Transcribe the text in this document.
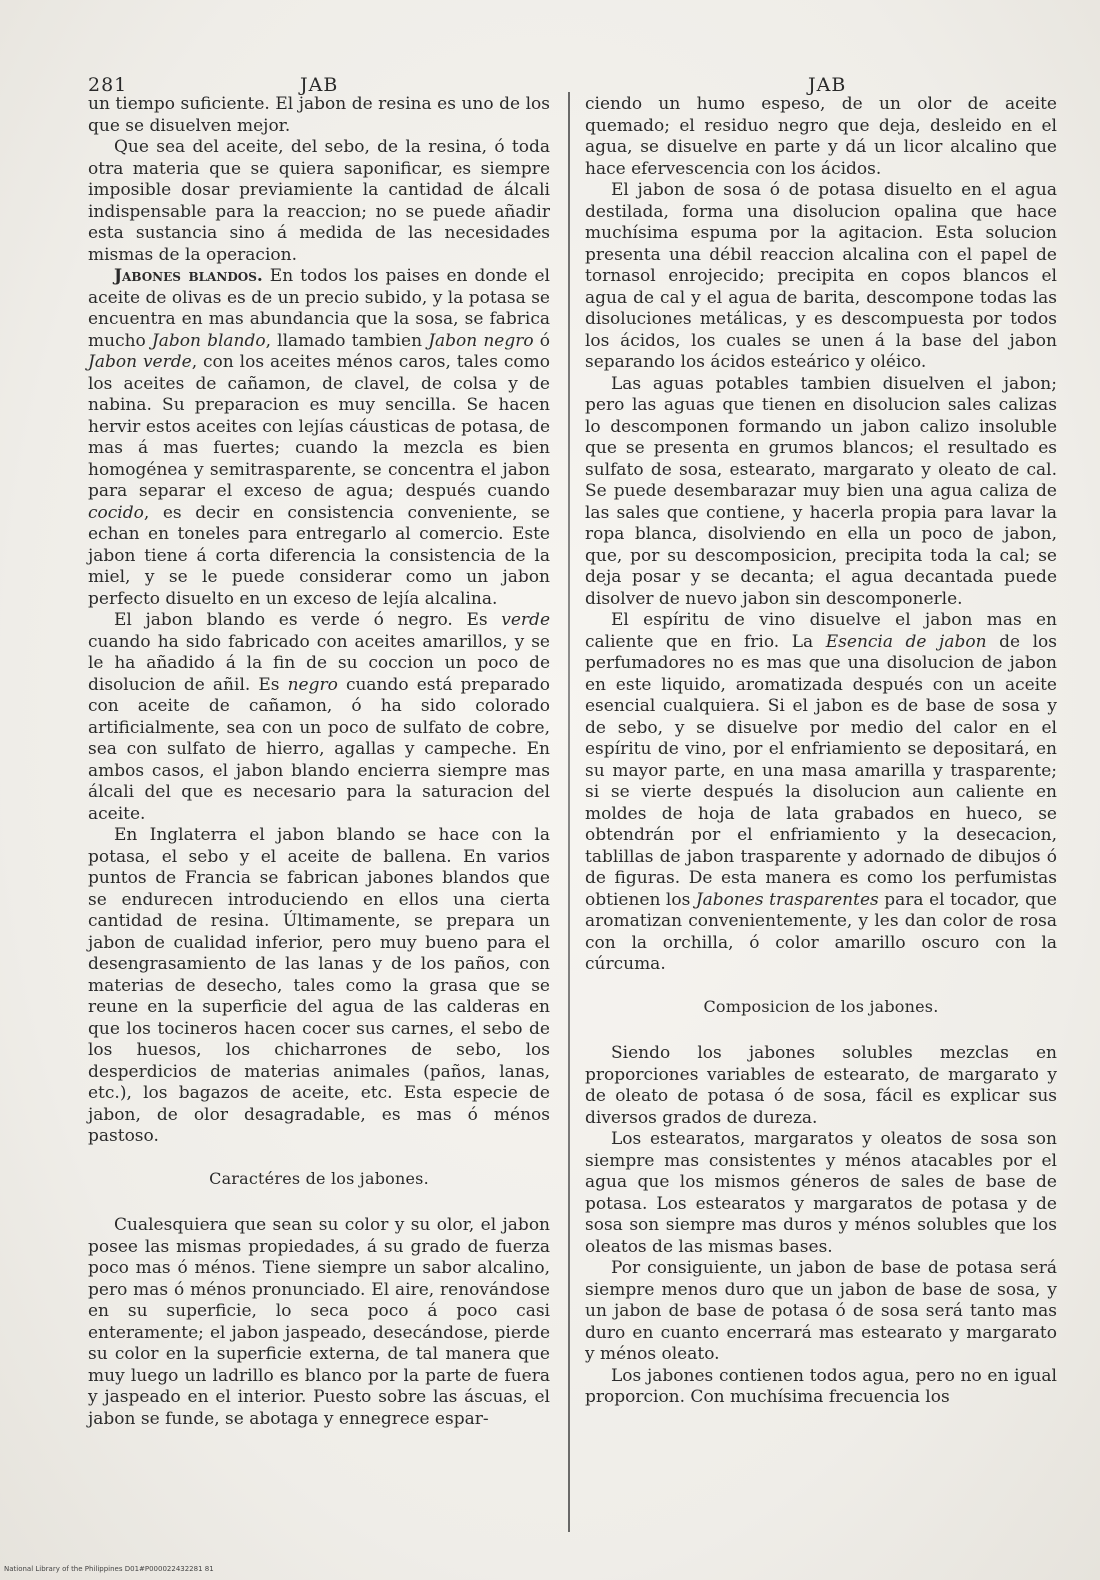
281	JAB	JAB

un tiempo suficiente. El jabon de resina es uno de los que se disuelven mejor.

Que sea del aceite, del sebo, de la resina, ó toda otra materia que se quiera saponificar, es siempre imposible dosar previamiente la cantidad de álcali indispensable para la reaccion; no se puede añadir esta sustancia sino á medida de las necesidades mismas de la operacion.

Jabones blandos. En todos los paises en donde el aceite de olivas es de un precio subido, y la potasa se encuentra en mas abundancia que la sosa, se fabrica mucho Jabon blando, llamado tambien Jabon negro ó Jabon verde, con los aceites ménos caros, tales como los aceites de cañamon, de clavel, de colsa y de nabina. Su preparacion es muy sencilla. Se hacen hervir estos aceites con lejías cáusticas de potasa, de mas á mas fuertes; cuando la mezcla es bien homogénea y semitrasparente, se concentra el jabon para separar el exceso de agua; después cuando cocido, es decir en consistencia conveniente, se echan en toneles para entregarlo al comercio. Este jabon tiene á corta diferencia la consistencia de la miel, y se le puede considerar como un jabon perfecto disuelto en un exceso de lejía alcalina.

El jabon blando es verde ó negro. Es verde cuando ha sido fabricado con aceites amarillos, y se le ha añadido á la fin de su coccion un poco de disolucion de añil. Es negro cuando está preparado con aceite de cañamon, ó ha sido colorado artificialmente, sea con un poco de sulfato de cobre, sea con sulfato de hierro, agallas y campeche. En ambos casos, el jabon blando encierra siempre mas álcali del que es necesario para la saturacion del aceite.

En Inglaterra el jabon blando se hace con la potasa, el sebo y el aceite de ballena. En varios puntos de Francia se fabrican jabones blandos que se endurecen introduciendo en ellos una cierta cantidad de resina. Últimamente, se prepara un jabon de cualidad inferior, pero muy bueno para el desengrasamiento de las lanas y de los paños, con materias de desecho, tales como la grasa que se reune en la superficie del agua de las calderas en que los tocineros hacen cocer sus carnes, el sebo de los huesos, los chicharrones de sebo, los desperdicios de materias animales (paños, lanas, etc.), los bagazos de aceite, etc. Esta especie de jabon, de olor desagradable, es mas ó ménos pastoso.

Caractéres de los jabones.

Cualesquiera que sean su color y su olor, el jabon posee las mismas propiedades, á su grado de fuerza poco mas ó ménos. Tiene siempre un sabor alcalino, pero mas ó ménos pronunciado. El aire, renovándose en su superficie, lo seca poco á poco casi enteramente; el jabon jaspeado, desecándose, pierde su color en la superficie externa, de tal manera que muy luego un ladrillo es blanco por la parte de fuera y jaspeado en el interior. Puesto sobre las áscuas, el jabon se funde, se abotaga y ennegrece espar-

ciendo un humo espeso, de un olor de aceite quemado; el residuo negro que deja, desleido en el agua, se disuelve en parte y dá un licor alcalino que hace efervescencia con los ácidos.

El jabon de sosa ó de potasa disuelto en el agua destilada, forma una disolucion opalina que hace muchísima espuma por la agitacion. Esta solucion presenta una débil reaccion alcalina con el papel de tornasol enrojecido; precipita en copos blancos el agua de cal y el agua de barita, descompone todas las disoluciones metálicas, y es descompuesta por todos los ácidos, los cuales se unen á la base del jabon separando los ácidos esteárico y oléico.

Las aguas potables tambien disuelven el jabon; pero las aguas que tienen en disolucion sales calizas lo descomponen formando un jabon calizo insoluble que se presenta en grumos blancos; el resultado es sulfato de sosa, estearato, margarato y oleato de cal. Se puede desembarazar muy bien una agua caliza de las sales que contiene, y hacerla propia para lavar la ropa blanca, disolviendo en ella un poco de jabon, que, por su descomposicion, precipita toda la cal; se deja posar y se decanta; el agua decantada puede disolver de nuevo jabon sin descomponerle.

El espíritu de vino disuelve el jabon mas en caliente que en frio. La Esencia de jabon de los perfumadores no es mas que una disolucion de jabon en este liquido, aromatizada después con un aceite esencial cualquiera. Si el jabon es de base de sosa y de sebo, y se disuelve por medio del calor en el espíritu de vino, por el enfriamiento se depositará, en su mayor parte, en una masa amarilla y trasparente; si se vierte después la disolucion aun caliente en moldes de hoja de lata grabados en hueco, se obtendrán por el enfriamiento y la desecacion, tablillas de jabon trasparente y adornado de dibujos ó de figuras. De esta manera es como los perfumistas obtienen los Jabones trasparentes para el tocador, que aromatizan convenientemente, y les dan color de rosa con la orchilla, ó color amarillo oscuro con la cúrcuma.

Composicion de los jabones.

Siendo los jabones solubles mezclas en proporciones variables de estearato, de margarato y de oleato de potasa ó de sosa, fácil es explicar sus diversos grados de dureza.

Los estearatos, margaratos y oleatos de sosa son siempre mas consistentes y ménos atacables por el agua que los mismos géneros de sales de base de potasa. Los estearatos y margaratos de potasa y de sosa son siempre mas duros y ménos solubles que los oleatos de las mismas bases.

Por consiguiente, un jabon de base de potasa será siempre menos duro que un jabon de base de sosa, y un jabon de base de potasa ó de sosa será tanto mas duro en cuanto encerrará mas estearato y margarato y ménos oleato.

Los jabones contienen todos agua, pero no en igual proporcion. Con muchísima frecuencia los

National Library of the Philippines D01#P000022432281 81
